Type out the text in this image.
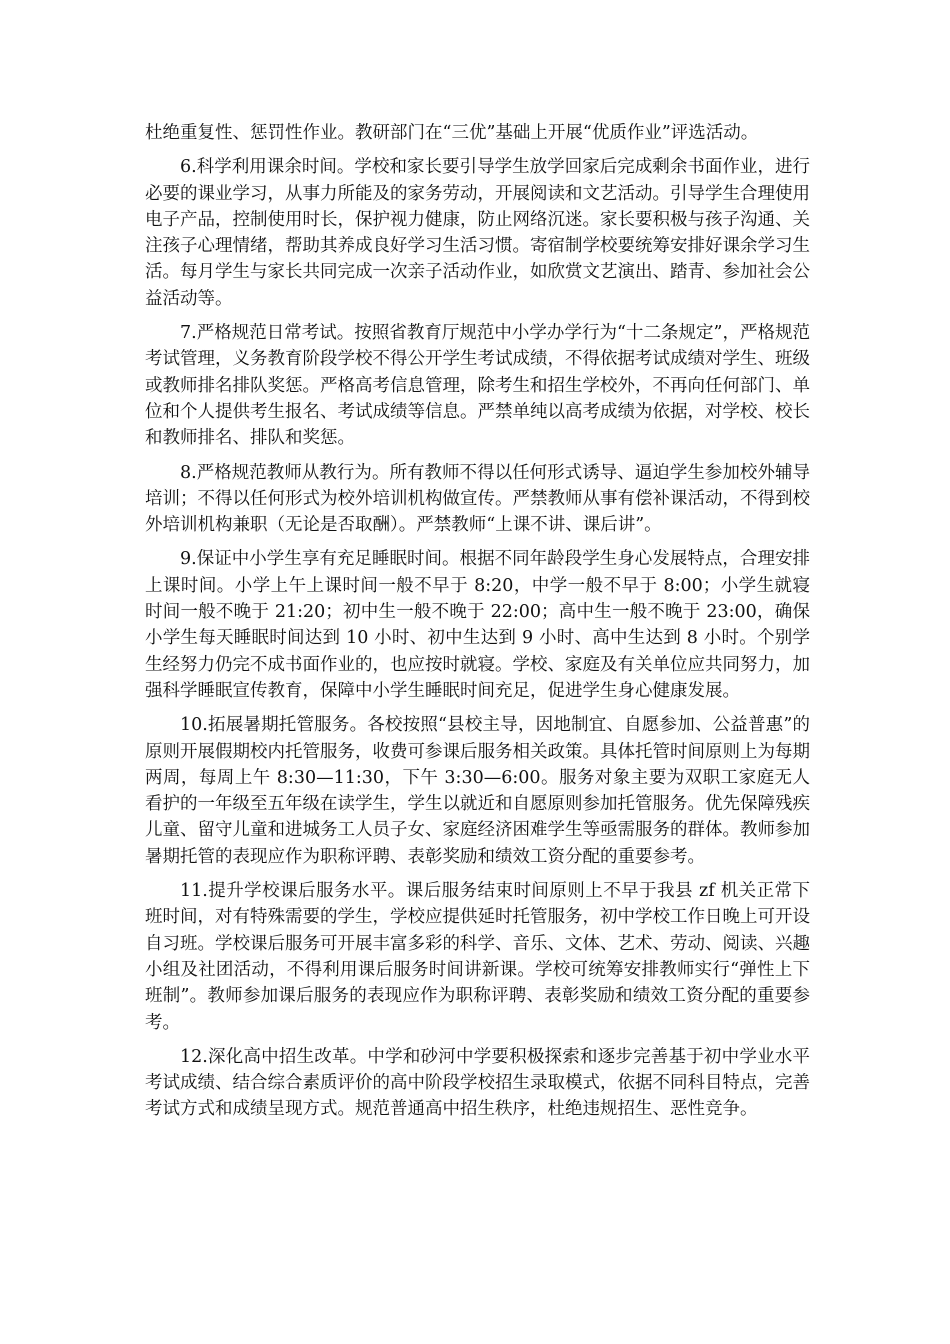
杜绝重复性、惩罚性作业。教研部门在“三优”基础上开展“优质作业”评选活动。

6.科学利用课余时间。学校和家长要引导学生放学回家后完成剩余书面作业，进行必要的课业学习，从事力所能及的家务劳动，开展阅读和文艺活动。引导学生合理使用电子产品，控制使用时长，保护视力健康，防止网络沉迷。家长要积极与孩子沟通、关注孩子心理情绪，帮助其养成良好学习生活习惯。寄宿制学校要统筹安排好课余学习生活。每月学生与家长共同完成一次亲子活动作业，如欣赏文艺演出、踏青、参加社会公益活动等。

7.严格规范日常考试。按照省教育厅规范中小学办学行为“十二条规定”，严格规范考试管理，义务教育阶段学校不得公开学生考试成绩，不得依据考试成绩对学生、班级或教师排名排队奖惩。严格高考信息管理，除考生和招生学校外，不再向任何部门、单位和个人提供考生报名、考试成绩等信息。严禁单纯以高考成绩为依据，对学校、校长和教师排名、排队和奖惩。

8.严格规范教师从教行为。所有教师不得以任何形式诱导、逼迫学生参加校外辅导培训；不得以任何形式为校外培训机构做宣传。严禁教师从事有偿补课活动，不得到校外培训机构兼职（无论是否取酬）。严禁教师“上课不讲、课后讲”。

9.保证中小学生享有充足睡眠时间。根据不同年龄段学生身心发展特点，合理安排上课时间。小学上午上课时间一般不早于 8:20，中学一般不早于 8:00；小学生就寝时间一般不晚于 21:20；初中生一般不晚于 22:00；高中生一般不晚于 23:00，确保小学生每天睡眠时间达到 10 小时、初中生达到 9 小时、高中生达到 8 小时。个别学生经努力仍完不成书面作业的，也应按时就寝。学校、家庭及有关单位应共同努力，加强科学睡眠宣传教育，保障中小学生睡眠时间充足，促进学生身心健康发展。

10.拓展暑期托管服务。各校按照“县校主导，因地制宜、自愿参加、公益普惠”的原则开展假期校内托管服务，收费可参课后服务相关政策。具体托管时间原则上为每期两周，每周上午 8:30—11:30，下午 3:30—6:00。服务对象主要为双职工家庭无人看护的一年级至五年级在读学生，学生以就近和自愿原则参加托管服务。优先保障残疾儿童、留守儿童和进城务工人员子女、家庭经济困难学生等亟需服务的群体。教师参加暑期托管的表现应作为职称评聘、表彰奖励和绩效工资分配的重要参考。

11.提升学校课后服务水平。课后服务结束时间原则上不早于我县 zf 机关正常下班时间，对有特殊需要的学生，学校应提供延时托管服务，初中学校工作日晚上可开设自习班。学校课后服务可开展丰富多彩的科学、音乐、文体、艺术、劳动、阅读、兴趣小组及社团活动，不得利用课后服务时间讲新课。学校可统筹安排教师实行“弹性上下班制”。教师参加课后服务的表现应作为职称评聘、表彰奖励和绩效工资分配的重要参考。

12.深化高中招生改革。中学和砂河中学要积极探索和逐步完善基于初中学业水平考试成绩、结合综合素质评价的高中阶段学校招生录取模式，依据不同科目特点，完善考试方式和成绩呈现方式。规范普通高中招生秩序，杜绝违规招生、恶性竞争。
